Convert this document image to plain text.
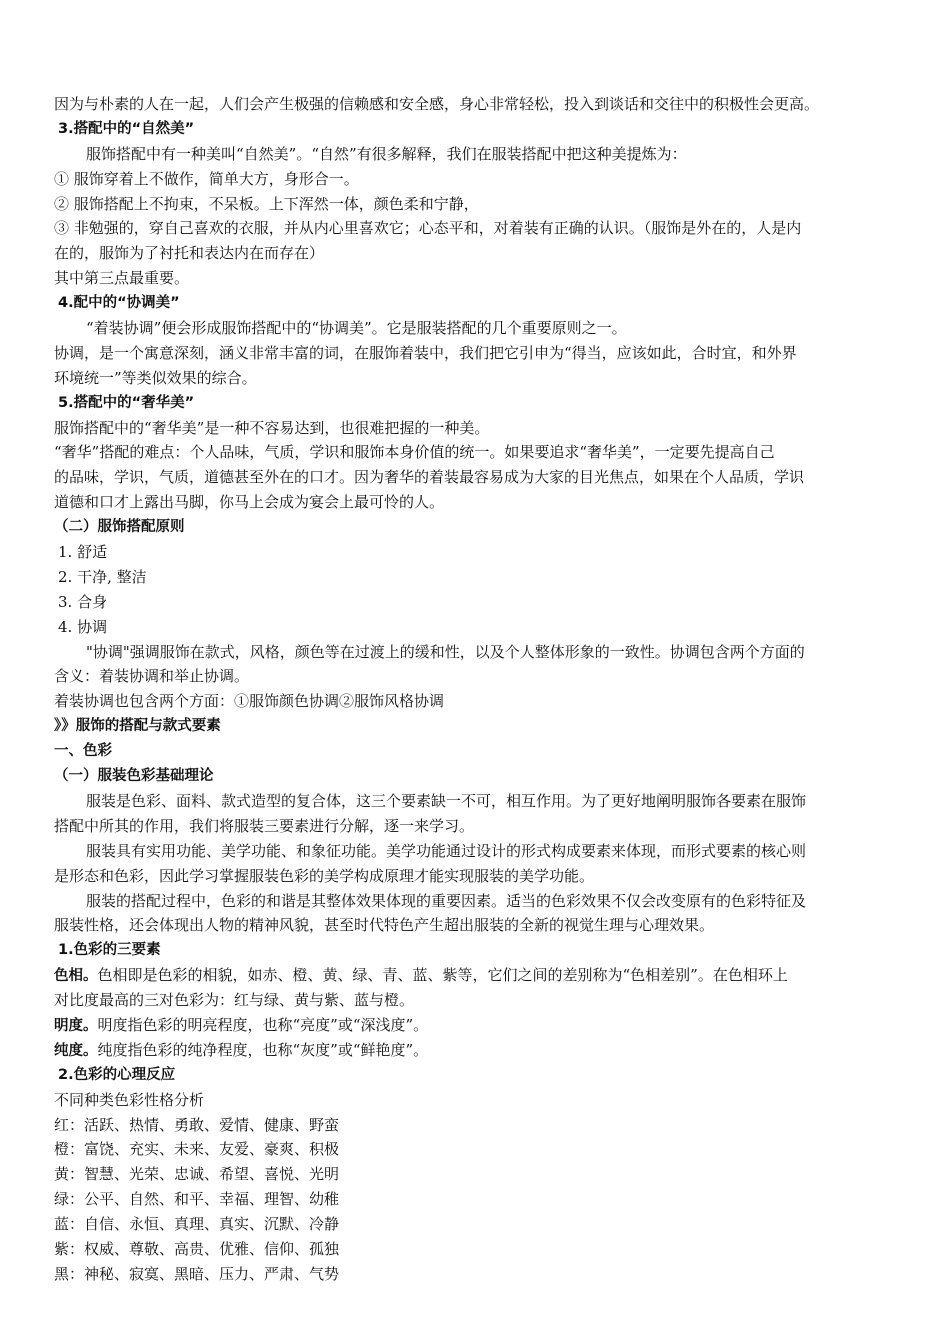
因为与朴素的人在一起，人们会产生极强的信赖感和安全感，身心非常轻松，投入到谈话和交往中的积极性会更高。
3.搭配中的“自然美”
服饰搭配中有一种美叫“自然美”。“自然”有很多解释，我们在服装搭配中把这种美提炼为：
① 服饰穿着上不做作，简单大方，身形合一。
② 服饰搭配上不拘束，不呆板。上下浑然一体，颜色柔和宁静，
③ 非勉强的，穿自己喜欢的衣服，并从内心里喜欢它；心态平和，对着装有正确的认识。（服饰是外在的，人是内
在的，服饰为了衬托和表达内在而存在）
其中第三点最重要。
4.配中的“协调美”
“着装协调”便会形成服饰搭配中的“协调美”。它是服装搭配的几个重要原则之一。
协调，是一个寓意深刻，涵义非常丰富的词，在服饰着装中，我们把它引申为“得当，应该如此，合时宜，和外界
环境统一”等类似效果的综合。
5.搭配中的“奢华美”
服饰搭配中的“奢华美”是一种不容易达到，也很难把握的一种美。
“奢华”搭配的难点：个人品味，气质，学识和服饰本身价值的统一。如果要追求“奢华美”，一定要先提高自己
的品味，学识，气质，道德甚至外在的口才。因为奢华的着装最容易成为大家的目光焦点，如果在个人品质，学识
道德和口才上露出马脚，你马上会成为宴会上最可怜的人。
（二）服饰搭配原则
1. 舒适
2. 干净, 整洁
3. 合身
4. 协调
"协调"强调服饰在款式，风格，颜色等在过渡上的缓和性，以及个人整体形象的一致性。协调包含两个方面的
含义：着装协调和举止协调。
着装协调也包含两个方面：①服饰颜色协调②服饰风格协调
》》服饰的搭配与款式要素
一、色彩
（一）服装色彩基础理论
服装是色彩、面料、款式造型的复合体，这三个要素缺一不可，相互作用。为了更好地阐明服饰各要素在服饰
搭配中所其的作用，我们将服装三要素进行分解，逐一来学习。
服装具有实用功能、美学功能、和象征功能。美学功能通过设计的形式构成要素来体现，而形式要素的核心则
是形态和色彩，因此学习掌握服装色彩的美学构成原理才能实现服装的美学功能。
服装的搭配过程中，色彩的和谐是其整体效果体现的重要因素。适当的色彩效果不仅会改变原有的色彩特征及
服装性格，还会体现出人物的精神风貌，甚至时代特色产生超出服装的全新的视觉生理与心理效果。
1.色彩的三要素
色相。色相即是色彩的相貌，如赤、橙、黄、绿、青、蓝、紫等，它们之间的差别称为“色相差别”。在色相环上
对比度最高的三对色彩为：红与绿、黄与紫、蓝与橙。
明度。明度指色彩的明亮程度，也称“亮度”或“深浅度”。
纯度。纯度指色彩的纯净程度，也称“灰度”或“鲜艳度”。
2.色彩的心理反应
不同种类色彩性格分析
红：活跃、热情、勇敢、爱情、健康、野蛮
橙：富饶、充实、未来、友爱、豪爽、积极
黄：智慧、光荣、忠诚、希望、喜悦、光明
绿：公平、自然、和平、幸福、理智、幼稚
蓝：自信、永恒、真理、真实、沉默、冷静
紫：权威、尊敬、高贵、优雅、信仰、孤独
黑：神秘、寂寞、黑暗、压力、严肃、气势
